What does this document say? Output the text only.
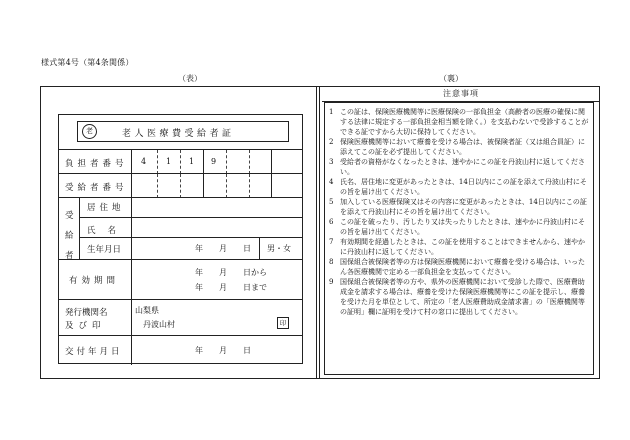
様式第4号（第4条関係）
（表）	（裏）
老	老人医療費受給者証
負担者番号 4 1 1 9
受給者番号
受給者
居住地
氏名
生年月日	年　　月　　日 男・女
有効期間
年　　月　　日から
年　　月　　日まで
発行機関名
及び印
山梨県
丹波山村	印
交付年月日	年　　月　　日
注意事項
1 この証は、保険医療機関等に医療保険の一部負担金（高齢者の医療の確保に関する法律に規定する一部負担金相当額を除く。）を支払わないで受診することができる証ですから大切に保持してください。
2 保険医療機関等において療養を受ける場合は、被保険者証（又は組合員証）に添えてこの証を必ず提出してください。
3 受給者の資格がなくなったときは、速やかにこの証を丹波山村に返してください。
4 氏名、居住地に変更があったときは、14日以内にこの証を添えて丹波山村にその旨を届け出てください。
5 加入している医療保険又はその内容に変更があったときは、14日以内にこの証を添えて丹波山村にその旨を届け出てください。
6 この証を破ったり、汚したり又は失ったりしたときは、速やかに丹波山村にその旨を届け出てください。
7 有効期間を経過したときは、この証を使用することはできませんから、速やかに丹波山村に返してください。
8 国保組合被保険者等の方は保険医療機関において療養を受ける場合は、いったん各医療機関で定める一部負担金を支払ってください。
9 国保組合被保険者等の方や、県外の医療機関において受診した際で、医療費助成金を請求する場合は、療養を受けた保険医療機関等にこの証を提示し、療養を受けた月を単位として、所定の「老人医療費助成金請求書」の「医療機関等の証明」欄に証明を受けて村の窓口に提出してください。
